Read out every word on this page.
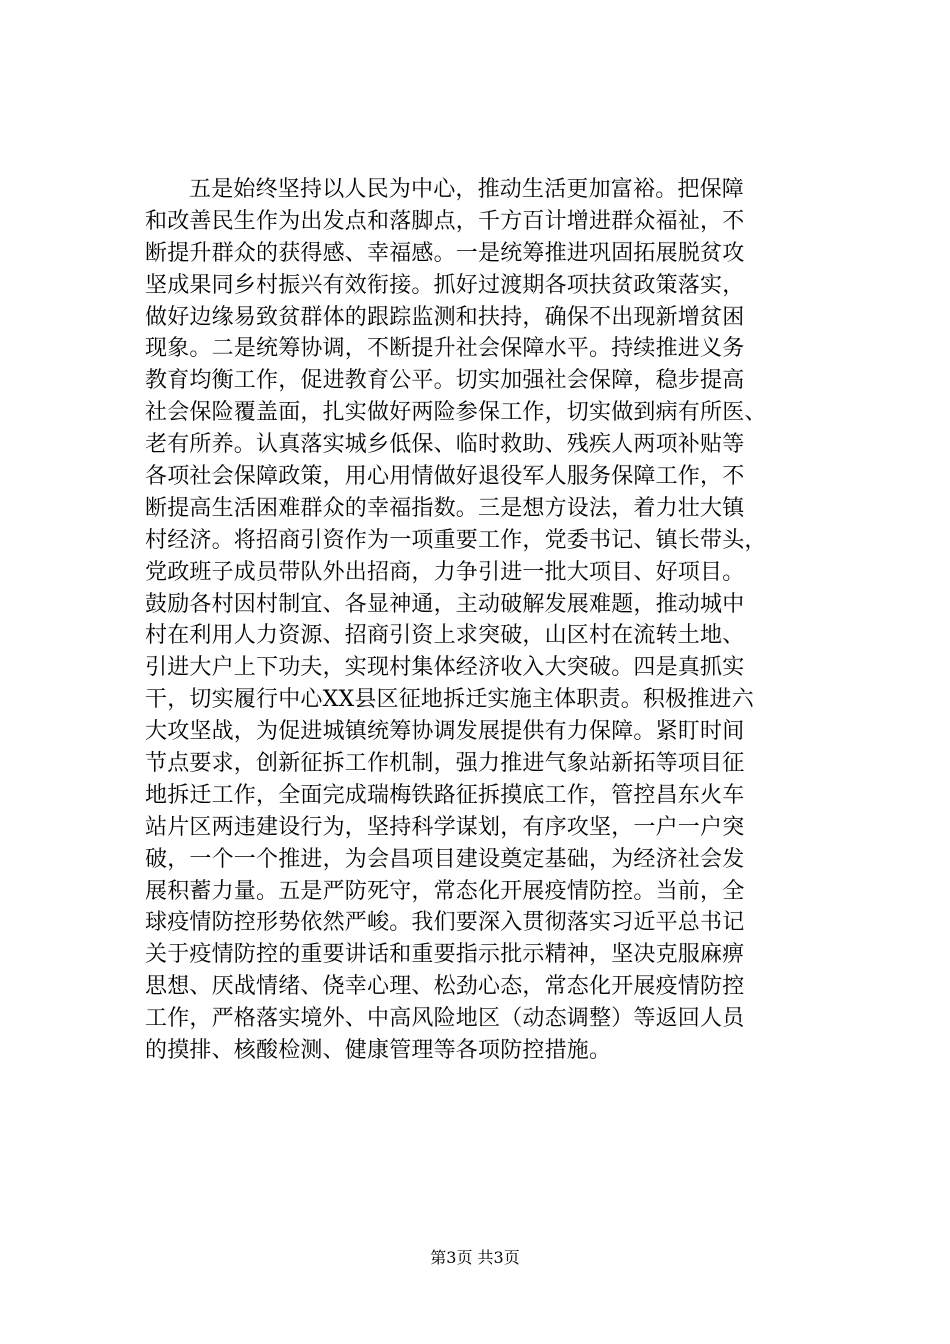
五是始终坚持以人民为中心，推动生活更加富裕。把保障
和改善民生作为出发点和落脚点，千方百计增进群众福祉，不
断提升群众的获得感、幸福感。一是统筹推进巩固拓展脱贫攻
坚成果同乡村振兴有效衔接。抓好过渡期各项扶贫政策落实，
做好边缘易致贫群体的跟踪监测和扶持，确保不出现新增贫困
现象。二是统筹协调，不断提升社会保障水平。持续推进义务
教育均衡工作，促进教育公平。切实加强社会保障，稳步提高
社会保险覆盖面，扎实做好两险参保工作，切实做到病有所医、
老有所养。认真落实城乡低保、临时救助、残疾人两项补贴等
各项社会保障政策，用心用情做好退役军人服务保障工作，不
断提高生活困难群众的幸福指数。三是想方设法，着力壮大镇
村经济。将招商引资作为一项重要工作，党委书记、镇长带头，
党政班子成员带队外出招商，力争引进一批大项目、好项目。
鼓励各村因村制宜、各显神通，主动破解发展难题，推动城中
村在利用人力资源、招商引资上求突破，山区村在流转土地、
引进大户上下功夫，实现村集体经济收入大突破。四是真抓实
干，切实履行中心XX县区征地拆迁实施主体职责。积极推进六
大攻坚战，为促进城镇统筹协调发展提供有力保障。紧盯时间
节点要求，创新征拆工作机制，强力推进气象站新拓等项目征
地拆迁工作，全面完成瑞梅铁路征拆摸底工作，管控昌东火车
站片区两违建设行为，坚持科学谋划，有序攻坚，一户一户突
破，一个一个推进，为会昌项目建设奠定基础，为经济社会发
展积蓄力量。五是严防死守，常态化开展疫情防控。当前，全
球疫情防控形势依然严峻。我们要深入贯彻落实习近平总书记
关于疫情防控的重要讲话和重要指示批示精神，坚决克服麻痹
思想、厌战情绪、侥幸心理、松劲心态，常态化开展疫情防控
工作，严格落实境外、中高风险地区（动态调整）等返回人员
的摸排、核酸检测、健康管理等各项防控措施。
第3页 共3页
